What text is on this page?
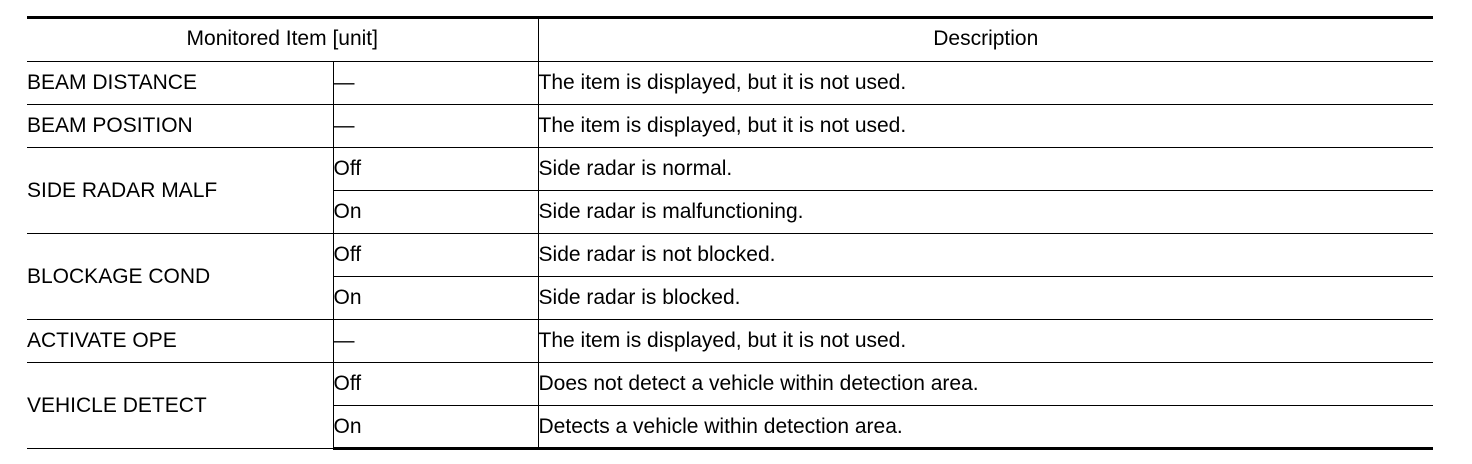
Monitored Item [unit]		Description
BEAM DISTANCE	—	The item is displayed, but it is not used.
BEAM POSITION	—	The item is displayed, but it is not used.
SIDE RADAR MALF	Off	Side radar is normal.
	On	Side radar is malfunctioning.
BLOCKAGE COND	Off	Side radar is not blocked.
	On	Side radar is blocked.
ACTIVATE OPE	—	The item is displayed, but it is not used.
VEHICLE DETECT	Off	Does not detect a vehicle within detection area.
	On	Detects a vehicle within detection area.
